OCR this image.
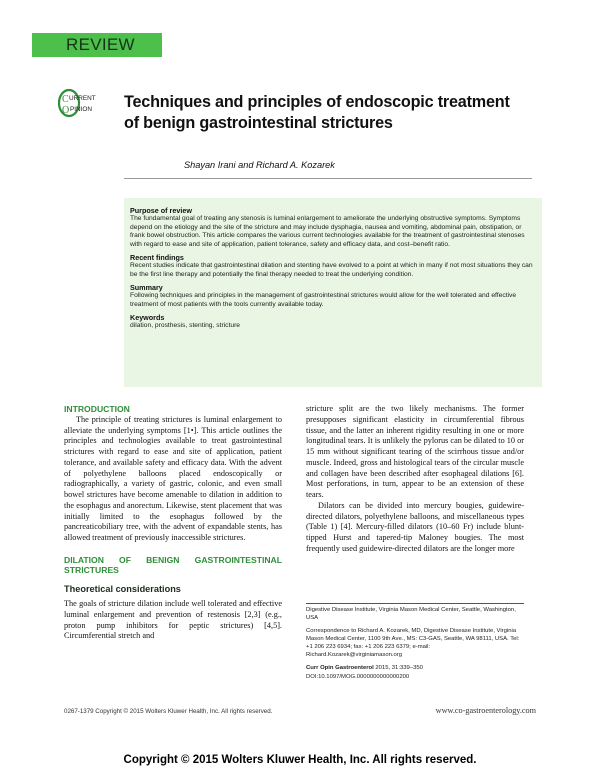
REVIEW
C URRENT
O PINION Techniques and principles of endoscopic treatment
of benign gastrointestinal strictures
Shayan Irani and Richard A. Kozarek
Purpose of review

The fundamental goal of treating any stenosis is luminal enlargement to ameliorate the underlying obstructive symptoms. Symptoms depend on the etiology and the site of the stricture and may include dysphagia, nausea and vomiting, abdominal pain, obstipation, or frank bowel obstruction. This article compares the various current technologies available for the treatment of gastrointestinal stenoses with regard to ease and site of application, patient tolerance, safety and efficacy data, and cost–benefit ratio.

Recent findings

Recent studies indicate that gastrointestinal dilation and stenting have evolved to a point at which in many if not most situations they can be the first line therapy and potentially the final therapy needed to treat the underlying condition.

Summary

Following techniques and principles in the management of gastrointestinal strictures would allow for the well tolerated and effective treatment of most patients with the tools currently available today.

Keywords

dilation, prosthesis, stenting, stricture

INTRODUCTION

The principle of treating strictures is luminal enlargement to alleviate the underlying symptoms [1•]. This article outlines the principles and technologies available to treat gastrointestinal strictures with regard to ease and site of application, patient tolerance, and available safety and efficacy data. With the advent of polyethylene balloons placed endoscopically or radiographically, a variety of gastric, colonic, and even small bowel strictures have become amenable to dilation in addition to the esophagus and anorectum. Likewise, stent placement that was initially limited to the esophagus followed by the pancreaticobiliary tree, with the advent of expandable stents, has allowed treatment of previously inaccessible strictures.

DILATION OF BENIGN GASTROINTESTINAL STRICTURES
Theoretical considerations

The goals of stricture dilation include well tolerated and effective luminal enlargement and prevention of restenosis [2,3] (e.g., proton pump inhibitors for peptic strictures) [4,5]. Circumferential stretch and

stricture split are the two likely mechanisms. The former presupposes significant elasticity in circumferential fibrous tissue, and the latter an inherent rigidity resulting in one or more longitudinal tears. It is unlikely the pylorus can be dilated to 10 or 15 mm without significant tearing of the scirrhous tissue and/or muscle. Indeed, gross and histological tears of the circular muscle and collagen have been described after esophageal dilations [6]. Most perforations, in turn, appear to be an extension of these tears.

Dilators can be divided into mercury bougies, guidewire-directed dilators, polyethylene balloons, and miscellaneous types (Table 1) [4]. Mercury-filled dilators (10–60 Fr) include blunt-tipped Hurst and tapered-tip Maloney bougies. The most frequently used guidewire-directed dilators are the longer more

Digestive Disease Institute, Virginia Mason Medical Center, Seattle, Washington, USA

Correspondence to Richard A. Kozarek, MD, Digestive Disease Institute, Virginia Mason Medical Center, 1100 9th Ave., MS: C3-GAS, Seattle, WA 98111, USA. Tel: +1 206 223 6934; fax: +1 206 223 6379; e-mail: Richard.Kozarek@virginiamason.org

Curr Opin Gastroenterol 2015, 31:339–350

DOI:10.1097/MOG.0000000000000200

0267-1379 Copyright © 2015 Wolters Kluwer Health, Inc. All rights reserved.	www.co-gastroenterology.com
Copyright © 2015 Wolters Kluwer Health, Inc. All rights reserved.
